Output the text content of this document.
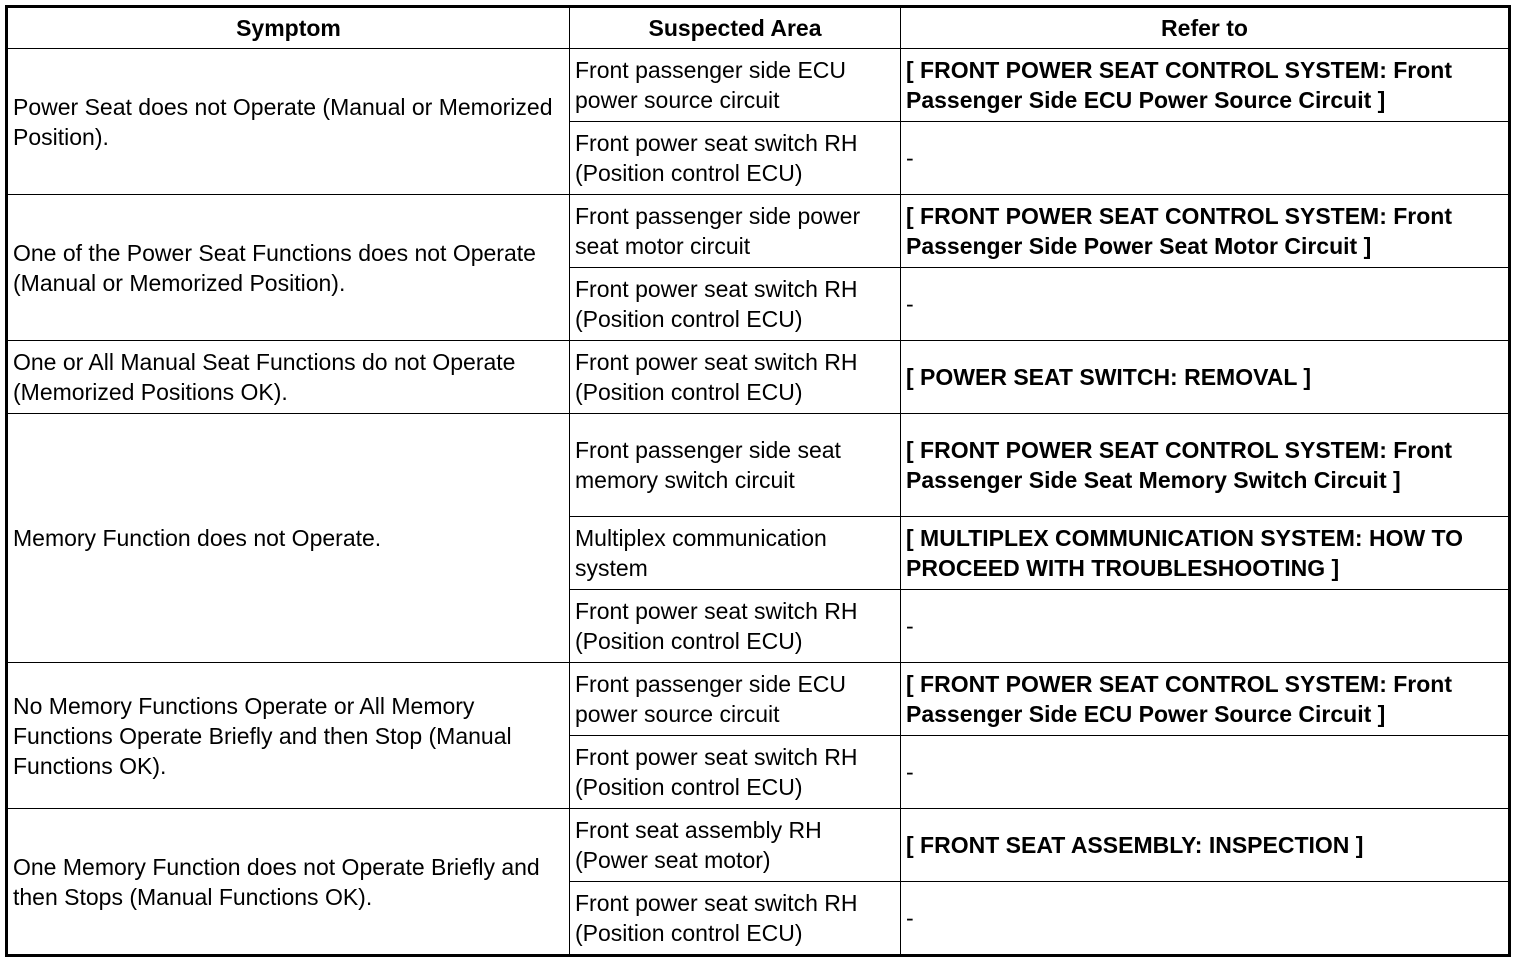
Symptom	Suspected Area	Refer to
Power Seat does not Operate (Manual or Memorized Position).	Front passenger side ECU power source circuit	[ FRONT POWER SEAT CONTROL SYSTEM: Front Passenger Side ECU Power Source Circuit ]
	Front power seat switch RH (Position control ECU)	-
One of the Power Seat Functions does not Operate (Manual or Memorized Position).	Front passenger side power seat motor circuit	[ FRONT POWER SEAT CONTROL SYSTEM: Front Passenger Side Power Seat Motor Circuit ]
	Front power seat switch RH (Position control ECU)	-
One or All Manual Seat Functions do not Operate (Memorized Positions OK).	Front power seat switch RH (Position control ECU)	[ POWER SEAT SWITCH: REMOVAL ]
Memory Function does not Operate.	Front passenger side seat memory switch circuit	[ FRONT POWER SEAT CONTROL SYSTEM: Front Passenger Side Seat Memory Switch Circuit ]
	Multiplex communication system	[ MULTIPLEX COMMUNICATION SYSTEM: HOW TO PROCEED WITH TROUBLESHOOTING ]
	Front power seat switch RH (Position control ECU)	-
No Memory Functions Operate or All Memory Functions Operate Briefly and then Stop (Manual Functions OK).	Front passenger side ECU power source circuit	[ FRONT POWER SEAT CONTROL SYSTEM: Front Passenger Side ECU Power Source Circuit ]
	Front power seat switch RH (Position control ECU)	-
One Memory Function does not Operate Briefly and then Stops (Manual Functions OK).	Front seat assembly RH (Power seat motor)	[ FRONT SEAT ASSEMBLY: INSPECTION ]
	Front power seat switch RH (Position control ECU)	-
